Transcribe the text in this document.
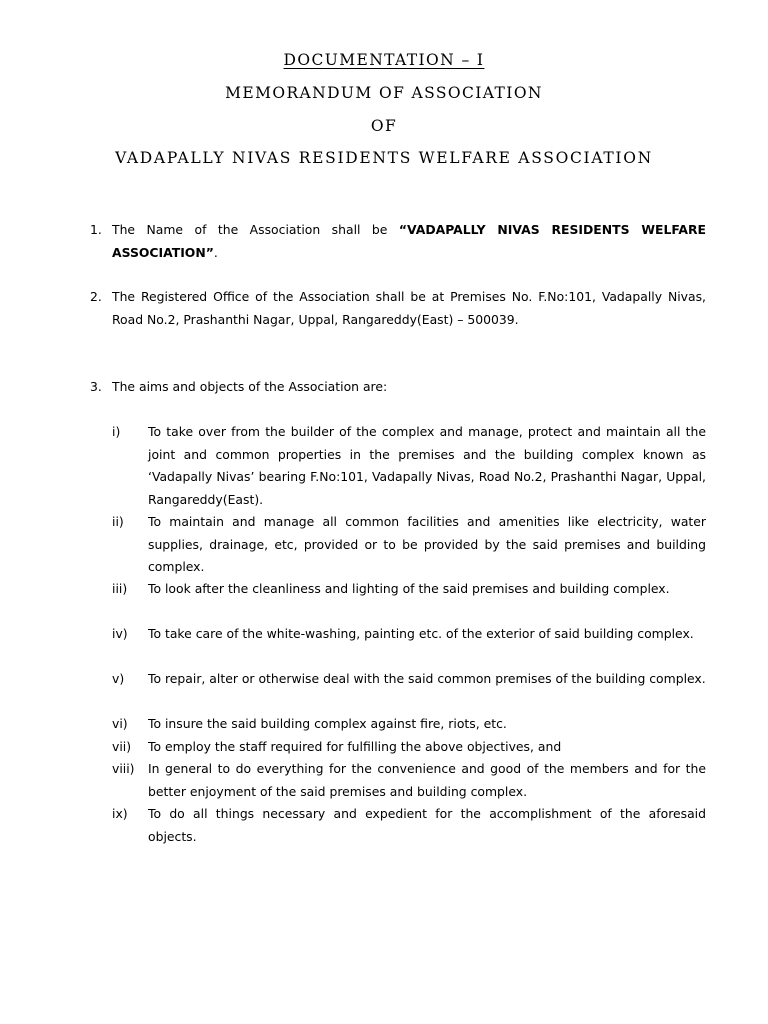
DOCUMENTATION – I
MEMORANDUM OF ASSOCIATION
OF
VADAPALLY NIVAS RESIDENTS WELFARE ASSOCIATION
1. The Name of the Association shall be “VADAPALLY NIVAS RESIDENTS WELFARE ASSOCIATION”.
2. The Registered Office of the Association shall be at Premises No. F.No:101, Vadapally Nivas, Road No.2, Prashanthi Nagar, Uppal, Rangareddy(East) – 500039.
3. The aims and objects of the Association are:
i)	To take over from the builder of the complex and manage, protect and maintain all the joint and common properties in the premises and the building complex known as ‘Vadapally Nivas’ bearing F.No:101, Vadapally Nivas, Road No.2, Prashanthi Nagar, Uppal, Rangareddy(East).
ii)	To maintain and manage all common facilities and amenities like electricity, water supplies, drainage, etc, provided or to be provided by the said premises and building complex.
iii)	To look after the cleanliness and lighting of the said premises and building complex.
iv)	To take care of the white-washing, painting etc. of the exterior of said building complex.
v)	To repair, alter or otherwise deal with the said common premises of the building complex.
vi)	To insure the said building complex against fire, riots, etc.
vii)	To employ the staff required for fulfilling the above objectives, and
viii)	In general to do everything for the convenience and good of the members and for the better enjoyment of the said premises and building complex.
ix)	To do all things necessary and expedient for the accomplishment of the aforesaid objects.
